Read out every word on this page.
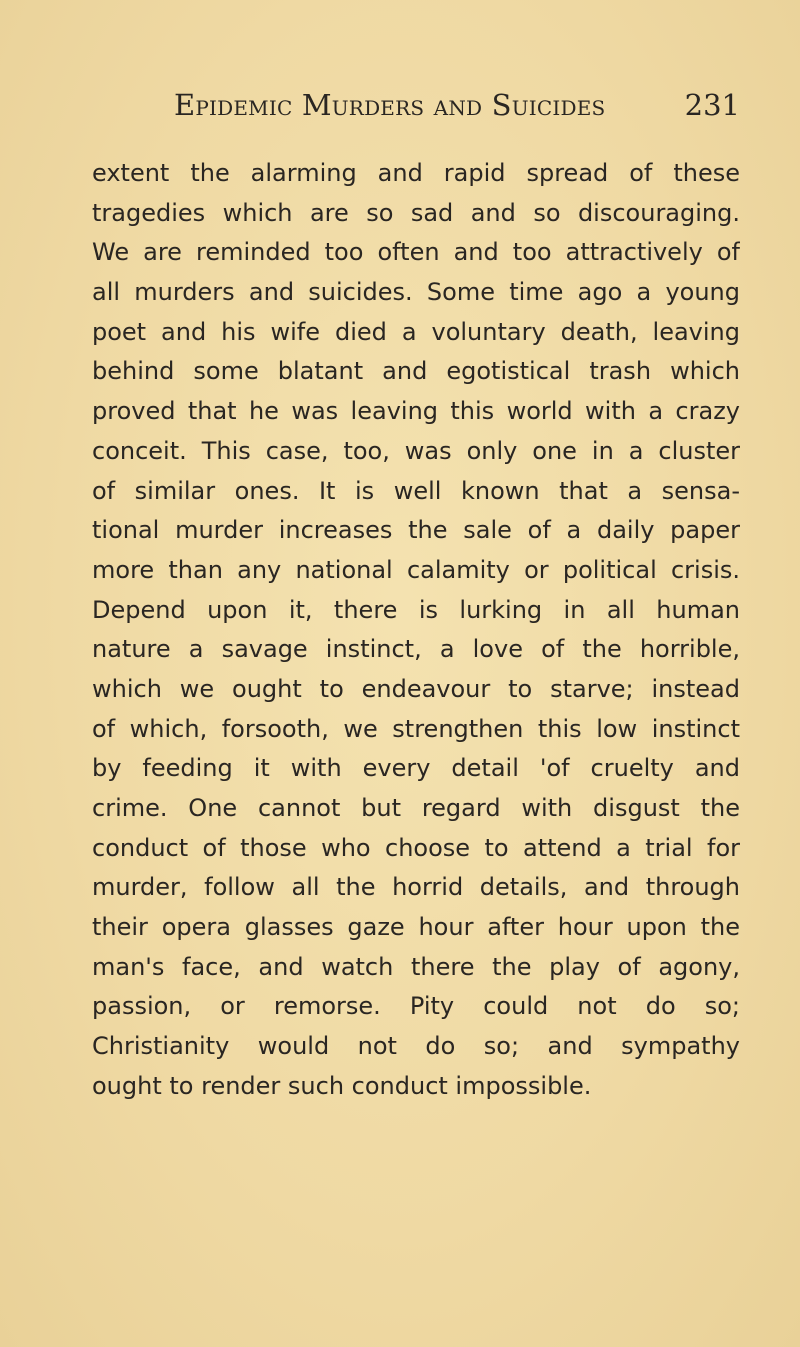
Epidemic Murders and Suicides	231
extent the alarming and rapid spread of these
tragedies which are so sad and so discouraging.
We are reminded too often and too attractively of
all murders and suicides. Some time ago a young
poet and his wife died a voluntary death, leaving
behind some blatant and egotistical trash which
proved that he was leaving this world with a crazy
conceit. This case, too, was only one in a cluster
of similar ones. It is well known that a sensa-
tional murder increases the sale of a daily paper
more than any national calamity or political crisis.
Depend upon it, there is lurking in all human
nature a savage instinct, a love of the horrible,
which we ought to endeavour to starve; instead
of which, forsooth, we strengthen this low instinct
by feeding it with every detail 'of cruelty and
crime. One cannot but regard with disgust the
conduct of those who choose to attend a trial for
murder, follow all the horrid details, and through
their opera glasses gaze hour after hour upon the
man's face, and watch there the play of agony,
passion, or remorse. Pity could not do so;
Christianity would not do so; and sympathy
ought to render such conduct impossible.
